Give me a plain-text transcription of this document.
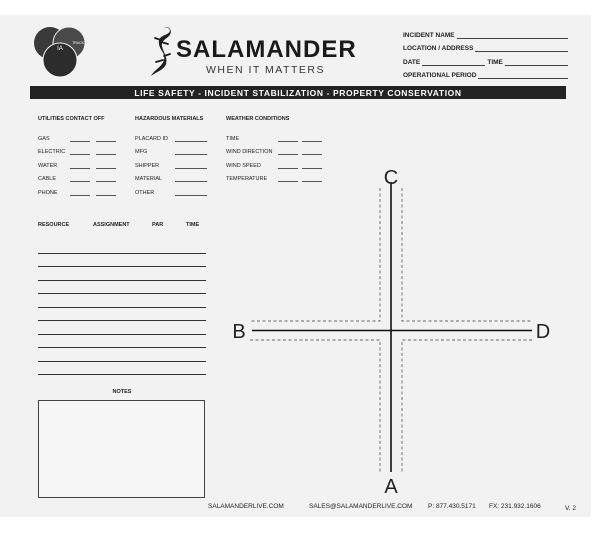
IA
TRACK	SALAMANDER
WHEN IT MATTERS
INCIDENT NAME
LOCATION / ADDRESS
DATE	TIME
OPERATIONAL PERIOD
LIFE SAFETY - INCIDENT STABILIZATION - PROPERTY CONSERVATION
UTILITIES CONTACT OFF
GAS
ELECTRIC
WATER
CABLE
PHONE
HAZARDOUS MATERIALS
PLACARD ID
MFG
SHIPPER
MATERIAL
OTHER
WEATHER CONDITIONS
TIME
WIND DIRECTION
WIND SPEED
TEMPERATURE
RESOURCE	ASSIGNMENT	PAR	TIME
NOTES
C
B	D
A
SALAMANDERLIVE.COM	SALES@SALAMANDERLIVE.COM P: 877.430.5171 FX: 231.932.1606	V. 2
